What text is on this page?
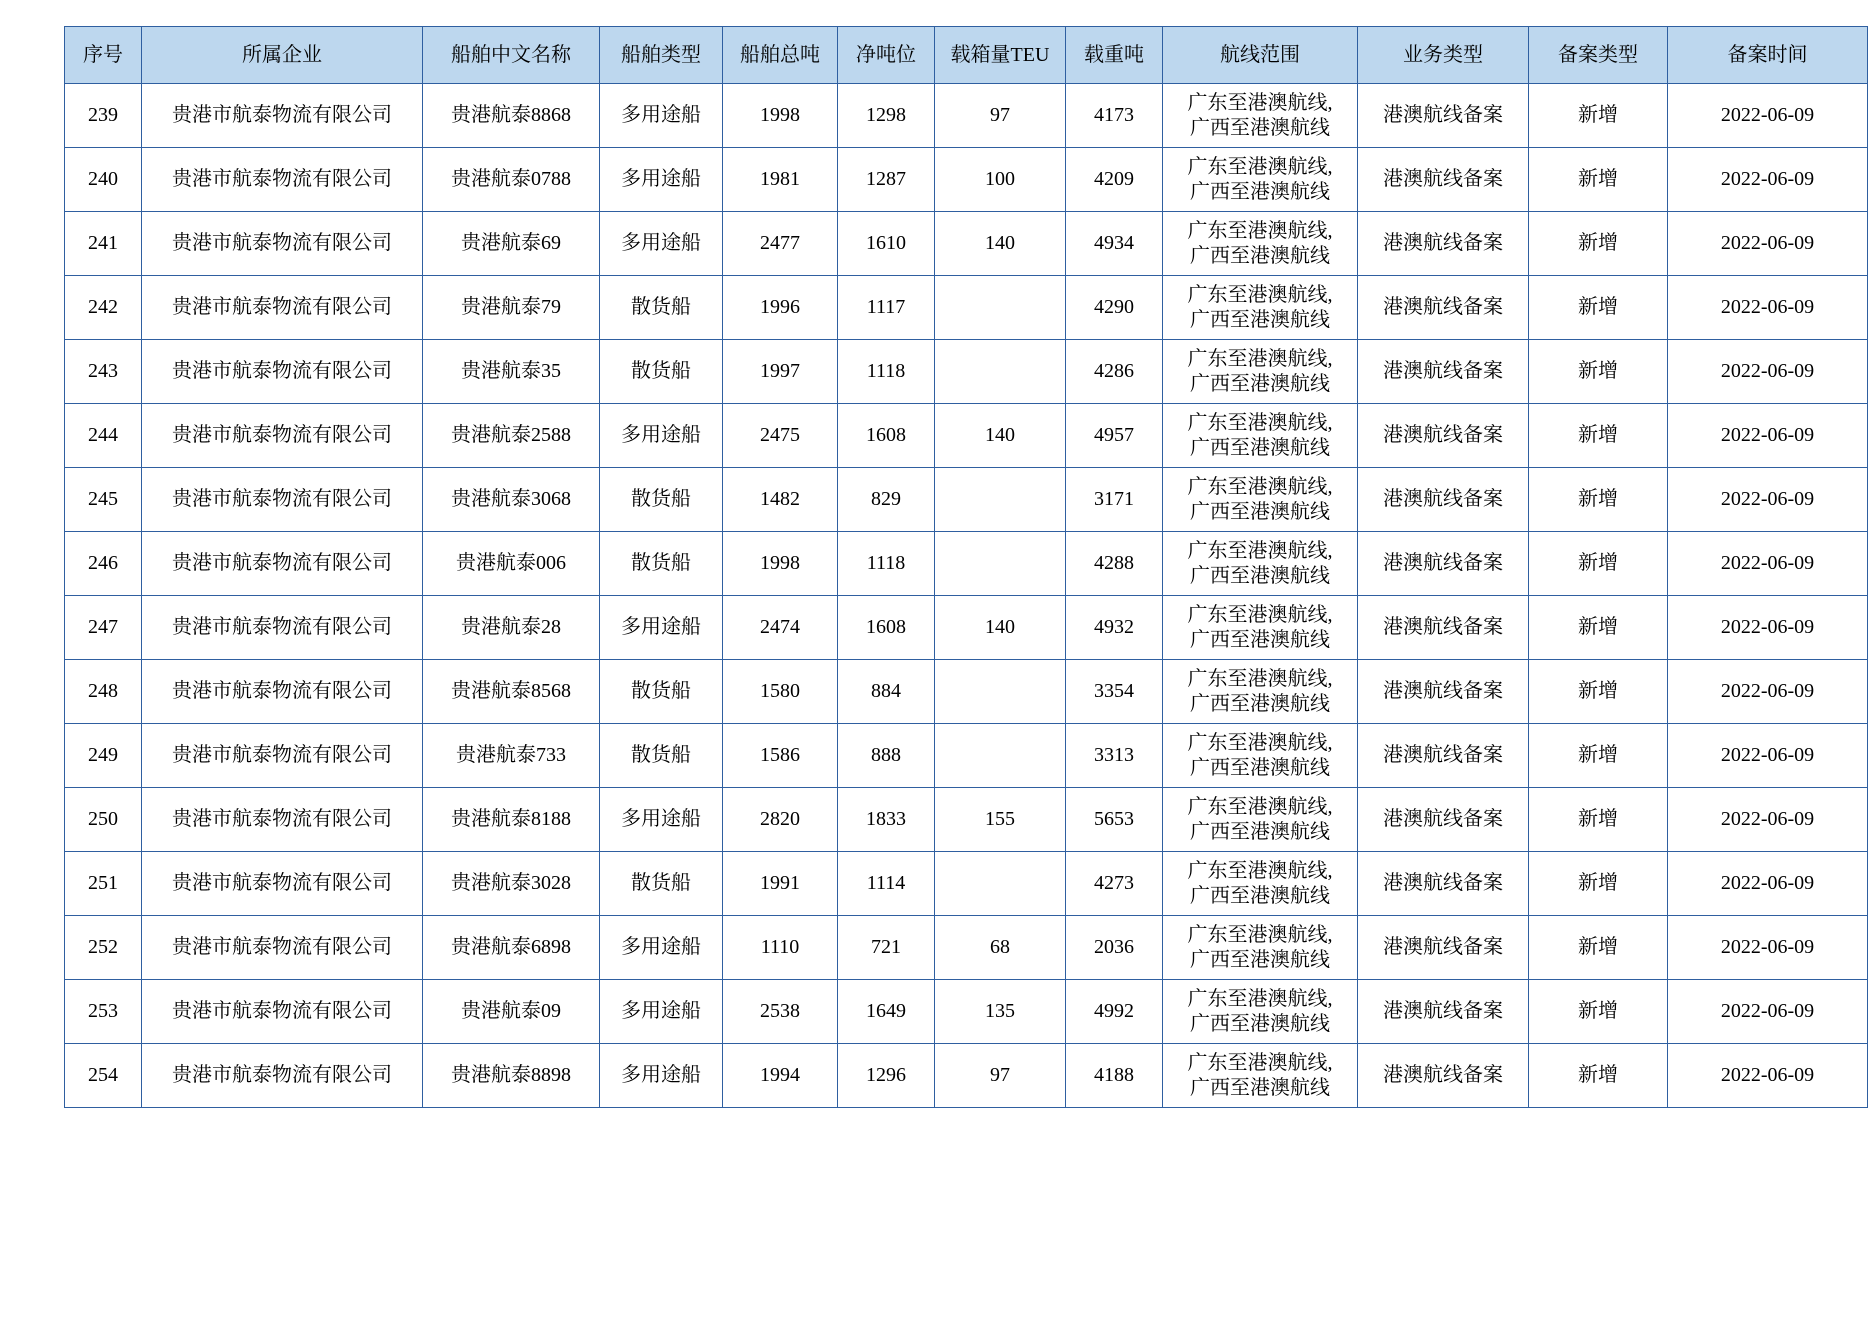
序号	所属企业	船舶中文名称	船舶类型	船舶总吨	净吨位	载箱量TEU	载重吨	航线范围	业务类型	备案类型	备案时间
239	贵港市航泰物流有限公司	贵港航泰8868	多用途船	1998	1298	97	4173	广东至港澳航线,
广西至港澳航线	港澳航线备案	新增	2022-06-09
240	贵港市航泰物流有限公司	贵港航泰0788	多用途船	1981	1287	100	4209	广东至港澳航线,
广西至港澳航线	港澳航线备案	新增	2022-06-09
241	贵港市航泰物流有限公司	贵港航泰69	多用途船	2477	1610	140	4934	广东至港澳航线,
广西至港澳航线	港澳航线备案	新增	2022-06-09
242	贵港市航泰物流有限公司	贵港航泰79	散货船	1996	1117		4290	广东至港澳航线,
广西至港澳航线	港澳航线备案	新增	2022-06-09
243	贵港市航泰物流有限公司	贵港航泰35	散货船	1997	1118		4286	广东至港澳航线,
广西至港澳航线	港澳航线备案	新增	2022-06-09
244	贵港市航泰物流有限公司	贵港航泰2588	多用途船	2475	1608	140	4957	广东至港澳航线,
广西至港澳航线	港澳航线备案	新增	2022-06-09
245	贵港市航泰物流有限公司	贵港航泰3068	散货船	1482	829		3171	广东至港澳航线,
广西至港澳航线	港澳航线备案	新增	2022-06-09
246	贵港市航泰物流有限公司	贵港航泰006	散货船	1998	1118		4288	广东至港澳航线,
广西至港澳航线	港澳航线备案	新增	2022-06-09
247	贵港市航泰物流有限公司	贵港航泰28	多用途船	2474	1608	140	4932	广东至港澳航线,
广西至港澳航线	港澳航线备案	新增	2022-06-09
248	贵港市航泰物流有限公司	贵港航泰8568	散货船	1580	884		3354	广东至港澳航线,
广西至港澳航线	港澳航线备案	新增	2022-06-09
249	贵港市航泰物流有限公司	贵港航泰733	散货船	1586	888		3313	广东至港澳航线,
广西至港澳航线	港澳航线备案	新增	2022-06-09
250	贵港市航泰物流有限公司	贵港航泰8188	多用途船	2820	1833	155	5653	广东至港澳航线,
广西至港澳航线	港澳航线备案	新增	2022-06-09
251	贵港市航泰物流有限公司	贵港航泰3028	散货船	1991	1114		4273	广东至港澳航线,
广西至港澳航线	港澳航线备案	新增	2022-06-09
252	贵港市航泰物流有限公司	贵港航泰6898	多用途船	1110	721	68	2036	广东至港澳航线,
广西至港澳航线	港澳航线备案	新增	2022-06-09
253	贵港市航泰物流有限公司	贵港航泰09	多用途船	2538	1649	135	4992	广东至港澳航线,
广西至港澳航线	港澳航线备案	新增	2022-06-09
254	贵港市航泰物流有限公司	贵港航泰8898	多用途船	1994	1296	97	4188	广东至港澳航线,
广西至港澳航线	港澳航线备案	新增	2022-06-09
